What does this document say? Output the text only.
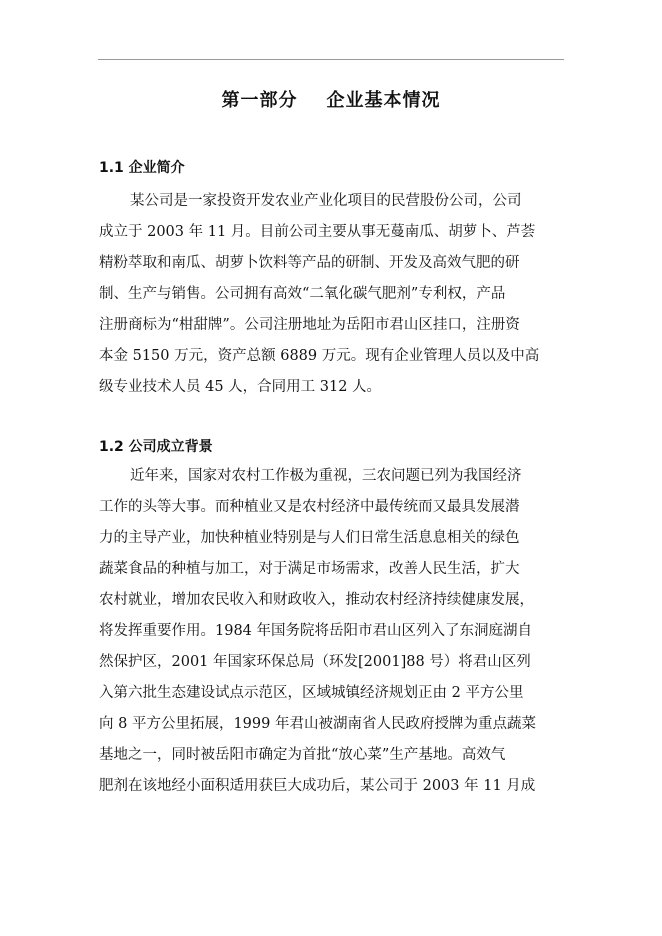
第一部分    企业基本情况
1.1 企业简介
某公司是一家投资开发农业产业化项目的民营股份公司，公司
成立于 2003 年 11 月。目前公司主要从事无蔓南瓜、胡萝卜、芦荟
精粉萃取和南瓜、胡萝卜饮料等产品的研制、开发及高效气肥的研
制、生产与销售。公司拥有高效“二氧化碳气肥剂”专利权，产品
注册商标为“柑甜牌”。公司注册地址为岳阳市君山区挂口，注册资
本金 5150 万元，资产总额 6889 万元。现有企业管理人员以及中高
级专业技术人员 45 人，合同用工 312 人。
1.2 公司成立背景
近年来，国家对农村工作极为重视，三农问题已列为我国经济
工作的头等大事。而种植业又是农村经济中最传统而又最具发展潜
力的主导产业，加快种植业特别是与人们日常生活息息相关的绿色
蔬菜食品的种植与加工，对于满足市场需求，改善人民生活，扩大
农村就业，增加农民收入和财政收入，推动农村经济持续健康发展，
将发挥重要作用。1984 年国务院将岳阳市君山区列入了东洞庭湖自
然保护区，2001 年国家环保总局（环发[2001]88 号）将君山区列
入第六批生态建设试点示范区，区域城镇经济规划正由 2 平方公里
向 8 平方公里拓展，1999 年君山被湖南省人民政府授牌为重点蔬菜
基地之一，同时被岳阳市确定为首批“放心菜”生产基地。高效气
肥剂在该地经小面积适用获巨大成功后，某公司于 2003 年 11 月成
